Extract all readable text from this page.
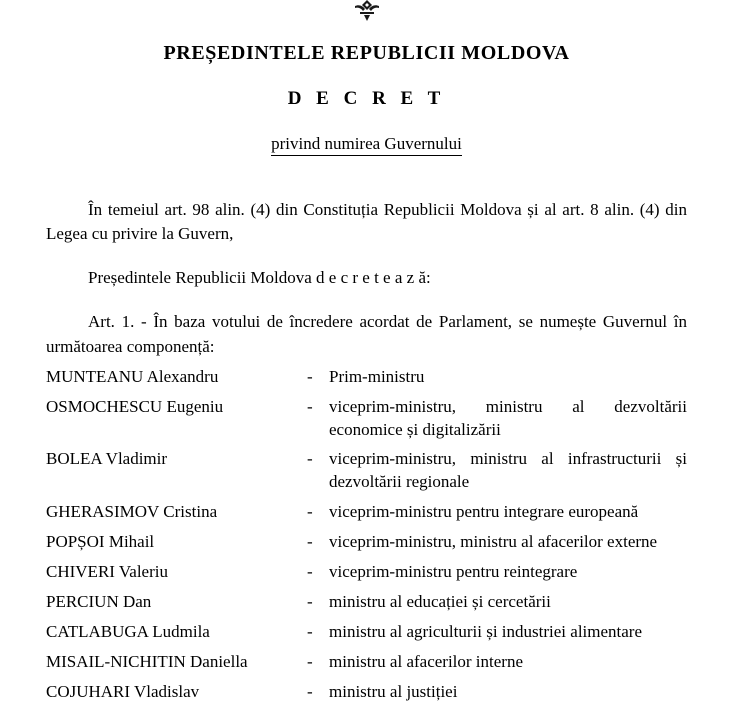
PREȘEDINTELE REPUBLICII MOLDOVA
D E C R E T
privind numirea Guvernului
În temeiul art. 98 alin. (4) din Constituția Republicii Moldova și al art. 8 alin. (4) din Legea cu privire la Guvern,
Președintele Republicii Moldova d e c r e t e a z ă:
Art. 1. - În baza votului de încredere acordat de Parlament, se numește Guvernul în următoarea componență:
MUNTEANU Alexandru	-	Prim-ministru
OSMOCHESCU Eugeniu	-	viceprim-ministru, ministru al dezvoltării economice și digitalizării
BOLEA Vladimir	-	viceprim-ministru, ministru al infrastructurii și dezvoltării regionale
GHERASIMOV Cristina	-	viceprim-ministru pentru integrare europeană
POPȘOI Mihail	-	viceprim-ministru, ministru al afacerilor externe
CHIVERI Valeriu	-	viceprim-ministru pentru reintegrare
PERCIUN Dan	-	ministru al educației și cercetării
CATLABUGA Ludmila	-	ministru al agriculturii și industriei alimentare
MISAIL-NICHITIN Daniella	-	ministru al afacerilor interne
COJUHARI Vladislav	-	ministru al justiției
